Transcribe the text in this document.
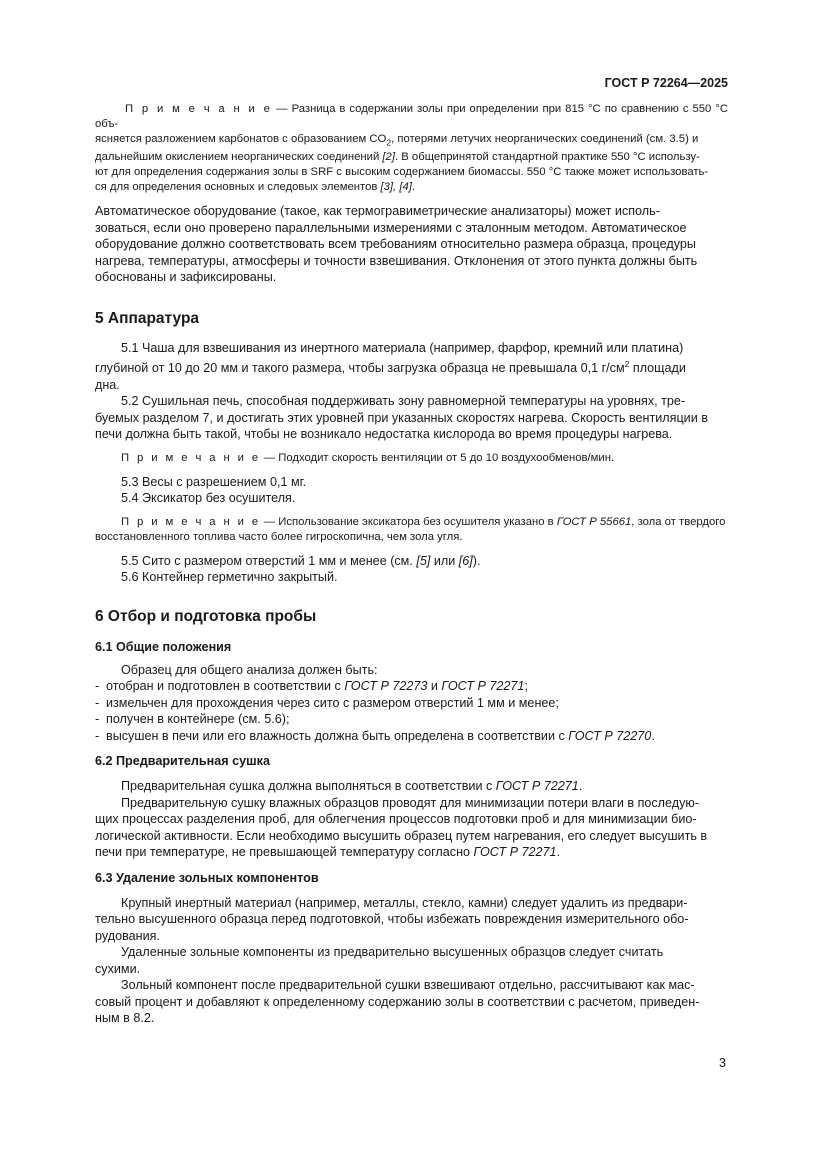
ГОСТ Р 72264—2025
П р и м е ч а н и е — Разница в содержании золы при определении при 815 °C по сравнению с 550 °C объ-
ясняется разложением карбонатов с образованием $CO_2$, потерями летучих неорганических соединений (см. 3.5) и
дальнейшим окислением неорганических соединений [2]. В общепринятой стандартной практике 550 °C использу-
ют для определения содержания золы в SRF с высоким содержанием биомассы. 550 °C также может использовать-
ся для определения основных и следовых элементов [3], [4].

Автоматическое оборудование (такое, как термогравиметрические анализаторы) может исполь-

зоваться, если оно проверено параллельными измерениями с эталонным методом. Автоматическое

оборудование должно соответствовать всем требованиям относительно размера образца, процедуры

нагрева, температуры, атмосферы и точности взвешивания. Отклонения от этого пункта должны быть

обоснованы и зафиксированы.

5 Аппаратура

5.1 Чаша для взвешивания из инертного материала (например, фарфор, кремний или платина)

глубиной от 10 до 20 мм и такого размера, чтобы загрузка образца не превышала 0,1 $г/см^2$ площади

дна.

5.2 Сушильная печь, способная поддерживать зону равномерной температуры на уровнях, тре-

буемых разделом 7, и достигать этих уровней при указанных скоростях нагрева. Скорость вентиляции в

печи должна быть такой, чтобы не возникало недостатка кислорода во время процедуры нагрева.

П р и м е ч а н и е — Подходит скорость вентиляции от 5 до 10 воздухообменов/мин.

5.3 Весы с разрешением 0,1 мг.

5.4 Эксикатор без осушителя.

П р и м е ч а н и е — Использование эксикатора без осушителя указано в ГОСТ Р 55661, зола от твердого
восстановленного топлива часто более гигроскопична, чем зола угля.

5.5 Сито с размером отверстий 1 мм и менее (см. [5] или [6]).

5.6 Контейнер герметично закрытый.

6 Отбор и подготовка пробы
6.1 Общие положения

Образец для общего анализа должен быть:

- отобран и подготовлен в соответствии с ГОСТ Р 72273 и ГОСТ Р 72271;
- измельчен для прохождения через сито с размером отверстий 1 мм и менее;
- получен в контейнере (см. 5.6);
- высушен в печи или его влажность должна быть определена в соответствии с ГОСТ Р 72270.
6.2 Предварительная сушка

Предварительная сушка должна выполняться в соответствии с ГОСТ Р 72271.

Предварительную сушку влажных образцов проводят для минимизации потери влаги в последую-

щих процессах разделения проб, для облегчения процессов подготовки проб и для минимизации био-

логической активности. Если необходимо высушить образец путем нагревания, его следует высушить в

печи при температуре, не превышающей температуру согласно ГОСТ Р 72271.

6.3 Удаление зольных компонентов

Крупный инертный материал (например, металлы, стекло, камни) следует удалить из предвари-

тельно высушенного образца перед подготовкой, чтобы избежать повреждения измерительного обо-

рудования.

Удаленные зольные компоненты из предварительно высушенных образцов следует считать

сухими.

Зольный компонент после предварительной сушки взвешивают отдельно, рассчитывают как мас-

совый процент и добавляют к определенному содержанию золы в соответствии с расчетом, приведен-

ным в 8.2.

3
